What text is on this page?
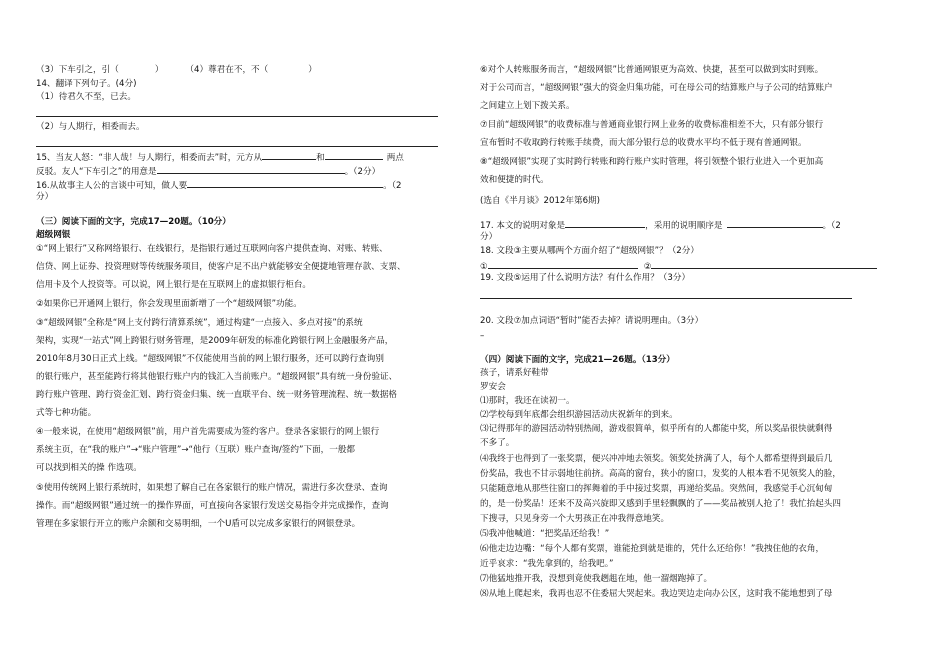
（3）下车引之，引（	）	（4）尊君在不，不（	）
14、翻译下列句子。(4分)
（1）待君久不至，已去。
（2）与人期行，相委而去。
15、当友人怒：“非人哉！与人期行，相委而去”时，元方从	和	两点
反驳。友人“下车引之”的用意是	。（2分）
16.从故事主人公的言谈中可知，做人要	。（2
分）
（三）阅读下面的文字，完成17—20题。（10分）
超级网银
①“网上银行”又称网络银行、在线银行，是指银行通过互联网向客户提供查询、对账、转账、
信贷、网上证券、投资理财等传统服务项目，使客户足不出户就能够安全便捷地管理存款、支票、
信用卡及个人投资等。可以说，网上银行是在互联网上的虚拟银行柜台。
②如果你已开通网上银行，你会发现里面新增了一个“超级网银”功能。
③“超级网银”全称是“网上支付跨行清算系统”，通过构建“一点接入、多点对接”的系统
架构，实现“一站式”网上跨银行财务管理，是2009年研发的标准化跨银行网上金融服务产品，
2010年8月30日正式上线。“超级网银”不仅能使用当前的网上银行服务，还可以跨行查询别
的银行账户，甚至能跨行将其他银行账户内的钱汇入当前账户。“超级网银”具有统一身份验证、
跨行账户管理、跨行资金汇划、跨行资金归集、统一直联平台、统一财务管理流程、统一数据格
式等七种功能。
④一般来说，在使用“超级网银”前，用户首先需要成为签约客户。登录各家银行的网上银行
系统主页，在“我的账户”→“账户管理”→“他行（互联）账户查询/签约”下面，一般都
可以找到相关的操 作选项。
⑤使用传统网上银行系统时，如果想了解自己在各家银行的账户情况，需进行多次登录、查询
操作。而“超级网银”通过统一的操作界面，可直接向各家银行发送交易指令并完成操作，查询
管理在多家银行开立的账户余额和交易明细，一个U盾可以完成多家银行的网银登录。
⑥对个人转账服务而言，“超级网银”比普通网银更为高效、快捷，甚至可以做到实时到账。
对于公司而言，“超级网银”强大的资金归集功能，可在母公司的结算账户与子公司的结算账户
之间建立上划下拨关系。
⑦目前“超级网银”的收费标准与普通商业银行网上业务的收费标准相差不大，只有部分银行
宣布暂时不收取跨行转账手续费，而大部分银行总的收费水平均不低于现有普通网银。
⑧“超级网银”实现了实时跨行转账和跨行账户实时管理，将引领整个银行业进入一个更加高
效和便捷的时代。
(选自《半月谈》2012年第6期)
17. 本文的说明对象是	，采用的说明顺序是	。（2
分）
18. 文段③主要从哪两个方面介绍了“超级网银”？（2分）
①	②
19. 文段⑤运用了什么说明方法？有什么作用？（3分）
20. 文段⑦加点词语“暂时”能否去掉？请说明理由。（3分）
–
（四）阅读下面的文字，完成21—26题。（13分）
孩子，请系好鞋带
罗安会
⑴那时，我还在读初一。
⑵学校每到年底都会组织游园活动庆祝新年的到来。
⑶记得那年的游园活动特别热闹，游戏很简单，似乎所有的人都能中奖，所以奖品很快就剩得
不多了。
⑷我终于也得到了一张奖票，便兴冲冲地去领奖。领奖处挤满了人，每个人都希望得到最后几
份奖品，我也不甘示弱地往前挤。高高的窗台，狭小的窗口，发奖的人根本看不见领奖人的脸，
只能随意地从那些往窗口的挥舞着的手中接过奖票，再递给奖品。突然间，我感觉手心沉甸甸
的，是一份奖品！还来不及高兴旋即又感到手里轻飘飘的了——奖品被别人抢了！我忙抬起头四
下搜寻，只见身旁一个大男孩正在冲我得意地笑。
⑸我冲他喊道：“把奖品还给我！”
⑹他走边边嘴：“每个人都有奖票，谁能抢到就是谁的，凭什么还给你！”我拽住他的衣角，
近乎哀求：“我先拿到的，给我吧。”
⑺他猛地推开我，没想到竟使我趔趄在地，他一溜烟跑掉了。
⑻从地上爬起来，我再也忍不住委屈大哭起来。我边哭边走向办公区，这时我不能地想到了母
